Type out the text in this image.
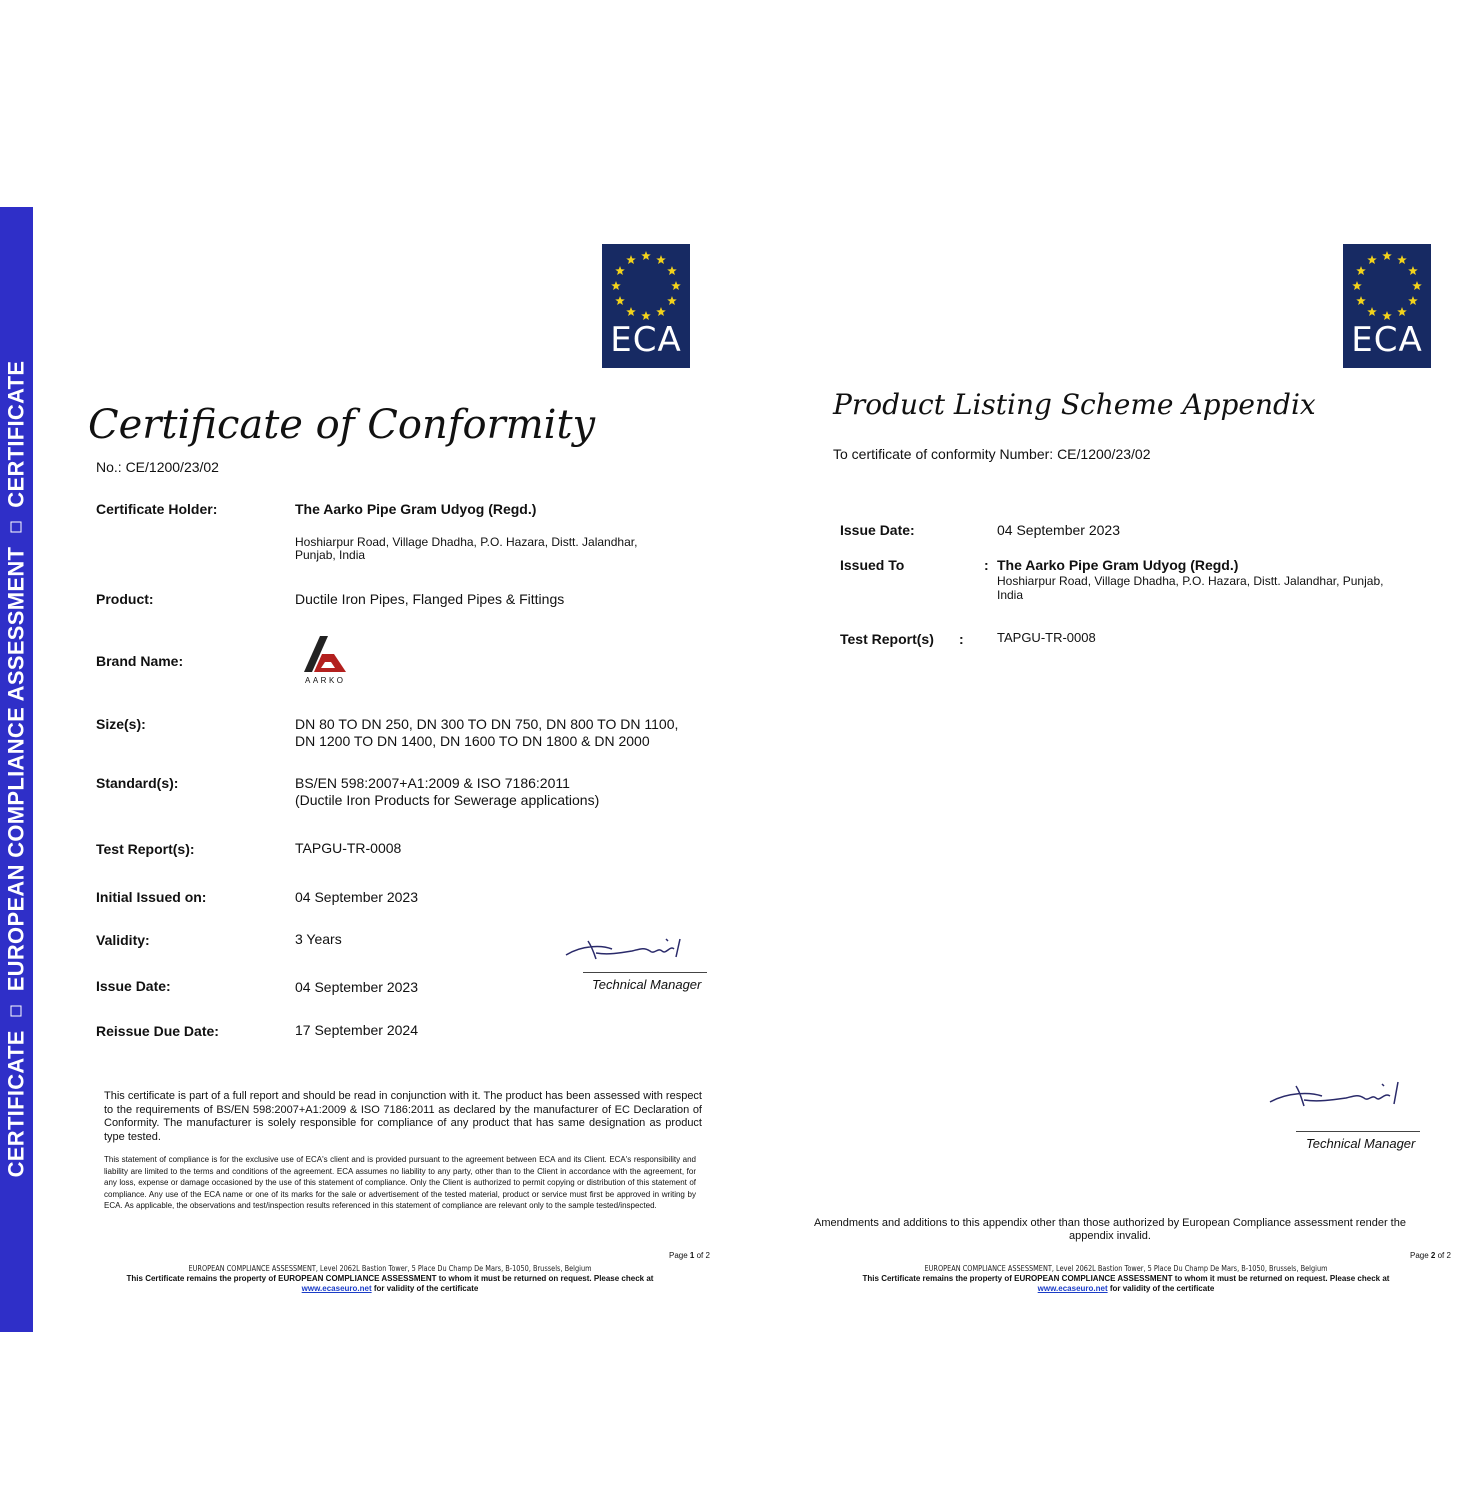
CERTIFICATE
EUROPEAN COMPLIANCE ASSESSMENT
CERTIFICATE
ECA	ECA
Certificate of Conformity
No.: CE/1200/23/02
Certificate Holder:	The Aarko Pipe Gram Udyog (Regd.)
Hoshiarpur Road, Village Dhadha, P.O. Hazara, Distt. Jalandhar,
Punjab, India
Product:	Ductile Iron Pipes, Flanged Pipes & Fittings
Brand Name:
AARKO
Size(s):	DN 80 TO DN 250, DN 300 TO DN 750, DN 800 TO DN 1100,
DN 1200 TO DN 1400, DN 1600 TO DN 1800 & DN 2000
Standard(s):	BS/EN 598:2007+A1:2009 & ISO 7186:2011
(Ductile Iron Products for Sewerage applications)
Test Report(s):	TAPGU-TR-0008
Initial Issued on:	04 September 2023
Validity:	3 Years
Issue Date:	04 September 2023
Reissue Due Date:	17 September 2024
Technical Manager
This certificate is part of a full report and should be read in conjunction with it. The product has been assessed with respect to the requirements of BS/EN 598:2007+A1:2009 & ISO 7186:2011 as declared by the manufacturer of EC Declaration of Conformity. The manufacturer is solely responsible for compliance of any product that has same designation as product type tested.
This statement of compliance is for the exclusive use of ECA's client and is provided pursuant to the agreement between ECA and its Client. ECA's responsibility and liability are limited to the terms and conditions of the agreement. ECA assumes no liability to any party, other than to the Client in accordance with the agreement, for any loss, expense or damage occasioned by the use of this statement of compliance. Only the Client is authorized to permit copying or distribution of this statement of compliance. Any use of the ECA name or one of its marks for the sale or advertisement of the tested material, product or service must first be approved in writing by ECA. As applicable, the observations and test/inspection results referenced in this statement of compliance are relevant only to the sample tested/inspected.
Page 1 of 2
EUROPEAN COMPLIANCE ASSESSMENT, Level 2062L Bastion Tower, 5 Place Du Champ De Mars, B-1050, Brussels, Belgium
This Certificate remains the property of EUROPEAN COMPLIANCE ASSESSMENT to whom it must be returned on request. Please check at
www.ecaseuro.net for validity of the certificate
Product Listing Scheme Appendix
To certificate of conformity Number: CE/1200/23/02
Issue Date:	04 September 2023
Issued To	: The Aarko Pipe Gram Udyog (Regd.)
Hoshiarpur Road, Village Dhadha, P.O. Hazara, Distt. Jalandhar, Punjab,
India
Test Report(s) :	TAPGU-TR-0008
Technical Manager
Amendments and additions to this appendix other than those authorized by European Compliance assessment render the
appendix invalid.
Page 2 of 2
EUROPEAN COMPLIANCE ASSESSMENT, Level 2062L Bastion Tower, 5 Place Du Champ De Mars, B-1050, Brussels, Belgium
This Certificate remains the property of EUROPEAN COMPLIANCE ASSESSMENT to whom it must be returned on request. Please check at
www.ecaseuro.net for validity of the certificate
